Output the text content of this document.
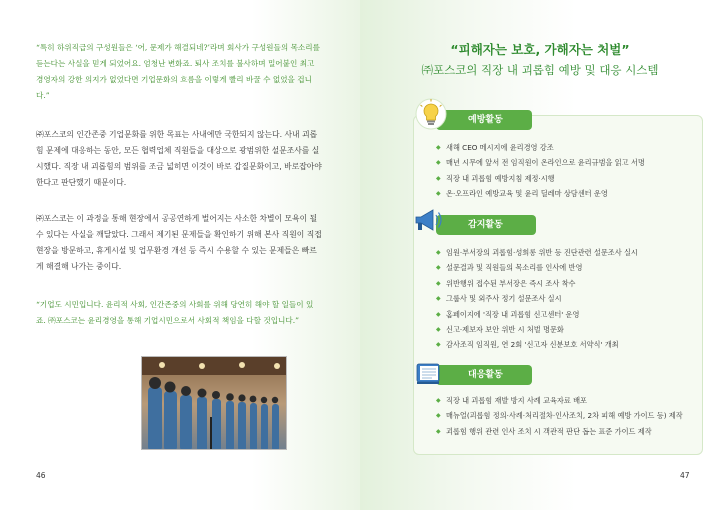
“특히 하위직급의 구성원들은 ‘어, 문제가 해결되네?’라며 회사가 구성원들의 목소리를 듣는다는 사실을 믿게 되었어요. 엄청난 변화죠. 퇴사 조치를 불사하며 밀어붙인 최고경영자의 강한 의지가 없었다면 기업문화의 흐름을 이렇게 빨리 바꿀 수 없었을 겁니다.”

㈜포스코의 인간존중 기업문화를 위한 목표는 사내에만 국한되지 않는다. 사내 괴롭힘 문제에 대응하는 동안, 모든 협력업체 직원들을 대상으로 광범위한 설문조사를 실시했다. 직장 내 괴롭힘의 범위를 조금 넓히면 이것이 바로 갑질문화이고, 바로잡아야 한다고 판단했기 때문이다.

㈜포스코는 이 과정을 통해 현장에서 공공연하게 벌어지는 사소한 차별이 모욕이 될 수 있다는 사실을 깨달았다. 그래서 제기된 문제들을 확인하기 위해 본사 직원이 직접 현장을 방문하고, 휴게시설 및 업무환경 개선 등 즉시 수용할 수 있는 문제들은 빠르게 해결해 나가는 중이다.

“기업도 시민입니다. 윤리적 사회, 인간존중의 사회를 위해 당연히 해야 할 일들이 있죠. ㈜포스코는 윤리경영을 통해 기업시민으로서 사회적 책임을 다할 것입니다.”

46
“피해자는 보호, 가해자는 처벌”
㈜포스코의 직장 내 괴롭힘 예방 및 대응 시스템
예방활동
◆ 새해 CEO 메시지에 윤리경영 강조
◆ 매년 시무에 앞서 전 임직원이 온라인으로 윤리규범을 읽고 서명
◆ 직장 내 괴롭힘 예방지침 제정·시행
◆ 온·오프라인 예방교육 및 윤리 딜레마 상담센터 운영
감지활동
◆ 임원·부서장의 괴롭힘·성희롱 위반 등 진단관련 설문조사 실시
◆ 설문결과 및 직원들의 목소리를 인사에 반영
◆ 위반행위 접수된 부서장은 즉시 조사 착수
◆ 그룹사 및 외주사 정기 설문조사 실시
◆ 홈페이지에 '직장 내 괴롭힘 신고센터' 운영
◆ 신고·제보자 보안 위반 시 처벌 명문화
◆ 감사조직 임직원, 연 2회 '신고자 신분보호 서약식' 개최
대응활동
◆ 직장 내 괴롭힘 재발 방지 사례 교육자료 배포
◆ 매뉴얼(괴롭힘 정의·사례·처리절차·인사조치, 2차 피해 예방 가이드 등) 제작
◆ 괴롭힘 행위 관련 인사 조치 시 객관적 판단 돕는 표준 가이드 제작
47
